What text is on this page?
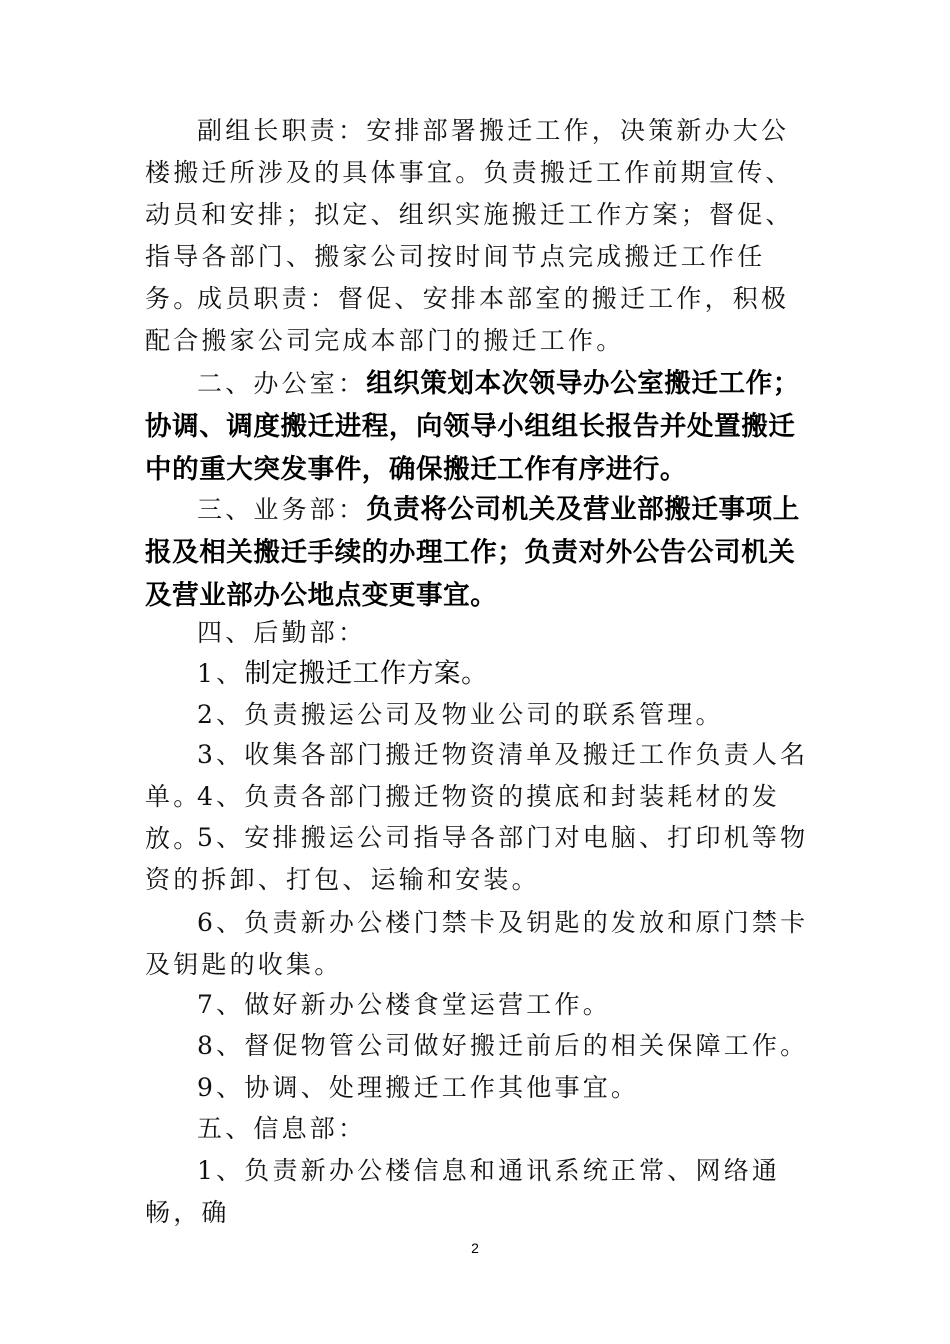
副组长职责：安排部署搬迁工作，决策新办大公楼搬迁所涉及的具体事宜。负责搬迁工作前期宣传、动员和安排；拟定、组织实施搬迁工作方案；督促、指导各部门、搬家公司按时间节点完成搬迁工作任务。

成员职责：督促、安排本部室的搬迁工作，积极配合搬家公司完成本部门的搬迁工作。

二、办公室：组织策划本次领导办公室搬迁工作；协调、调度搬迁进程，向领导小组组长报告并处置搬迁中的重大突发事件，确保搬迁工作有序进行。

三、业务部：负责将公司机关及营业部搬迁事项上报及相关搬迁手续的办理工作；负责对外公告公司机关及营业部办公地点变更事宜。

四、后勤部：

1、制定搬迁工作方案。

2、负责搬运公司及物业公司的联系管理。

3、收集各部门搬迁物资清单及搬迁工作负责人名单。

4、负责各部门搬迁物资的摸底和封装耗材的发放。

5、安排搬运公司指导各部门对电脑、打印机等物资的拆卸、打包、运输和安装。

6、负责新办公楼门禁卡及钥匙的发放和原门禁卡及钥匙的收集。

7、做好新办公楼食堂运营工作。

8、督促物管公司做好搬迁前后的相关保障工作。

9、协调、处理搬迁工作其他事宜。

五、信息部：

1、负责新办公楼信息和通讯系统正常、网络通畅，确

2
